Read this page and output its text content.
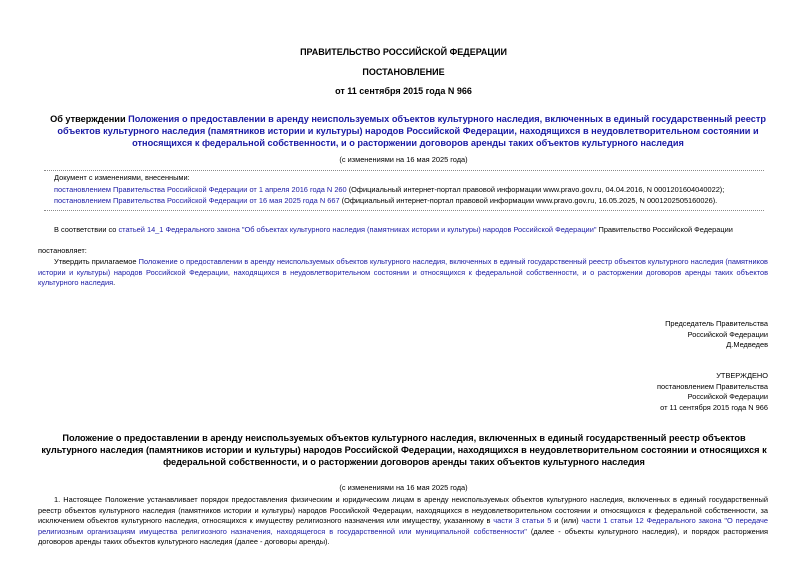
ПРАВИТЕЛЬСТВО РОССИЙСКОЙ ФЕДЕРАЦИИ
ПОСТАНОВЛЕНИЕ
от 11 сентября 2015 года N 966
Об утверждении Положения о предоставлении в аренду неиспользуемых объектов культурного наследия, включенных в единый государственный реестр объектов культурного наследия (памятников истории и культуры) народов Российской Федерации, находящихся в неудовлетворительном состоянии и относящихся к федеральной собственности, и о расторжении договоров аренды таких объектов культурного наследия
(с изменениями на 16 мая 2025 года)
Документ с изменениями, внесенными:
постановлением Правительства Российской Федерации от 1 апреля 2016 года N 260 (Официальный интернет-портал правовой информации www.pravo.gov.ru, 04.04.2016, N 0001201604040022);
постановлением Правительства Российской Федерации от 16 мая 2025 года N 667 (Официальный интернет-портал правовой информации www.pravo.gov.ru, 16.05.2025, N 0001202505160026).
В соответствии со статьей 14_1 Федерального закона "Об объектах культурного наследия (памятниках истории и культуры) народов Российской Федерации" Правительство Российской Федерации
постановляет:
Утвердить прилагаемое Положение о предоставлении в аренду неиспользуемых объектов культурного наследия, включенных в единый государственный реестр объектов культурного наследия (памятников истории и культуры) народов Российской Федерации, находящихся в неудовлетворительном состоянии и относящихся к федеральной собственности, и о расторжении договоров аренды таких объектов культурного наследия.
Председатель Правительства
Российской Федерации
Д.Медведев
УТВЕРЖДЕНО
постановлением Правительства
Российской Федерации
от 11 сентября 2015 года N 966
Положение о предоставлении в аренду неиспользуемых объектов культурного наследия, включенных в единый государственный реестр объектов культурного наследия (памятников истории и культуры) народов Российской Федерации, находящихся в неудовлетворительном состоянии и относящихся к федеральной собственности, и о расторжении договоров аренды таких объектов культурного наследия
(с изменениями на 16 мая 2025 года)
1. Настоящее Положение устанавливает порядок предоставления физическим и юридическим лицам в аренду неиспользуемых объектов культурного наследия, включенных в единый государственный реестр объектов культурного наследия (памятников истории и культуры) народов Российской Федерации, находящихся в неудовлетворительном состоянии и относящихся к федеральной собственности, за исключением объектов культурного наследия, относящихся к имуществу религиозного назначения или имуществу, указанному в части 3 статьи 5 и (или) части 1 статьи 12 Федерального закона "О передаче религиозным организациям имущества религиозного назначения, находящегося в государственной или муниципальной собственности" (далее - объекты культурного наследия), и порядок расторжения договоров аренды таких объектов культурного наследия (далее - договоры аренды).
